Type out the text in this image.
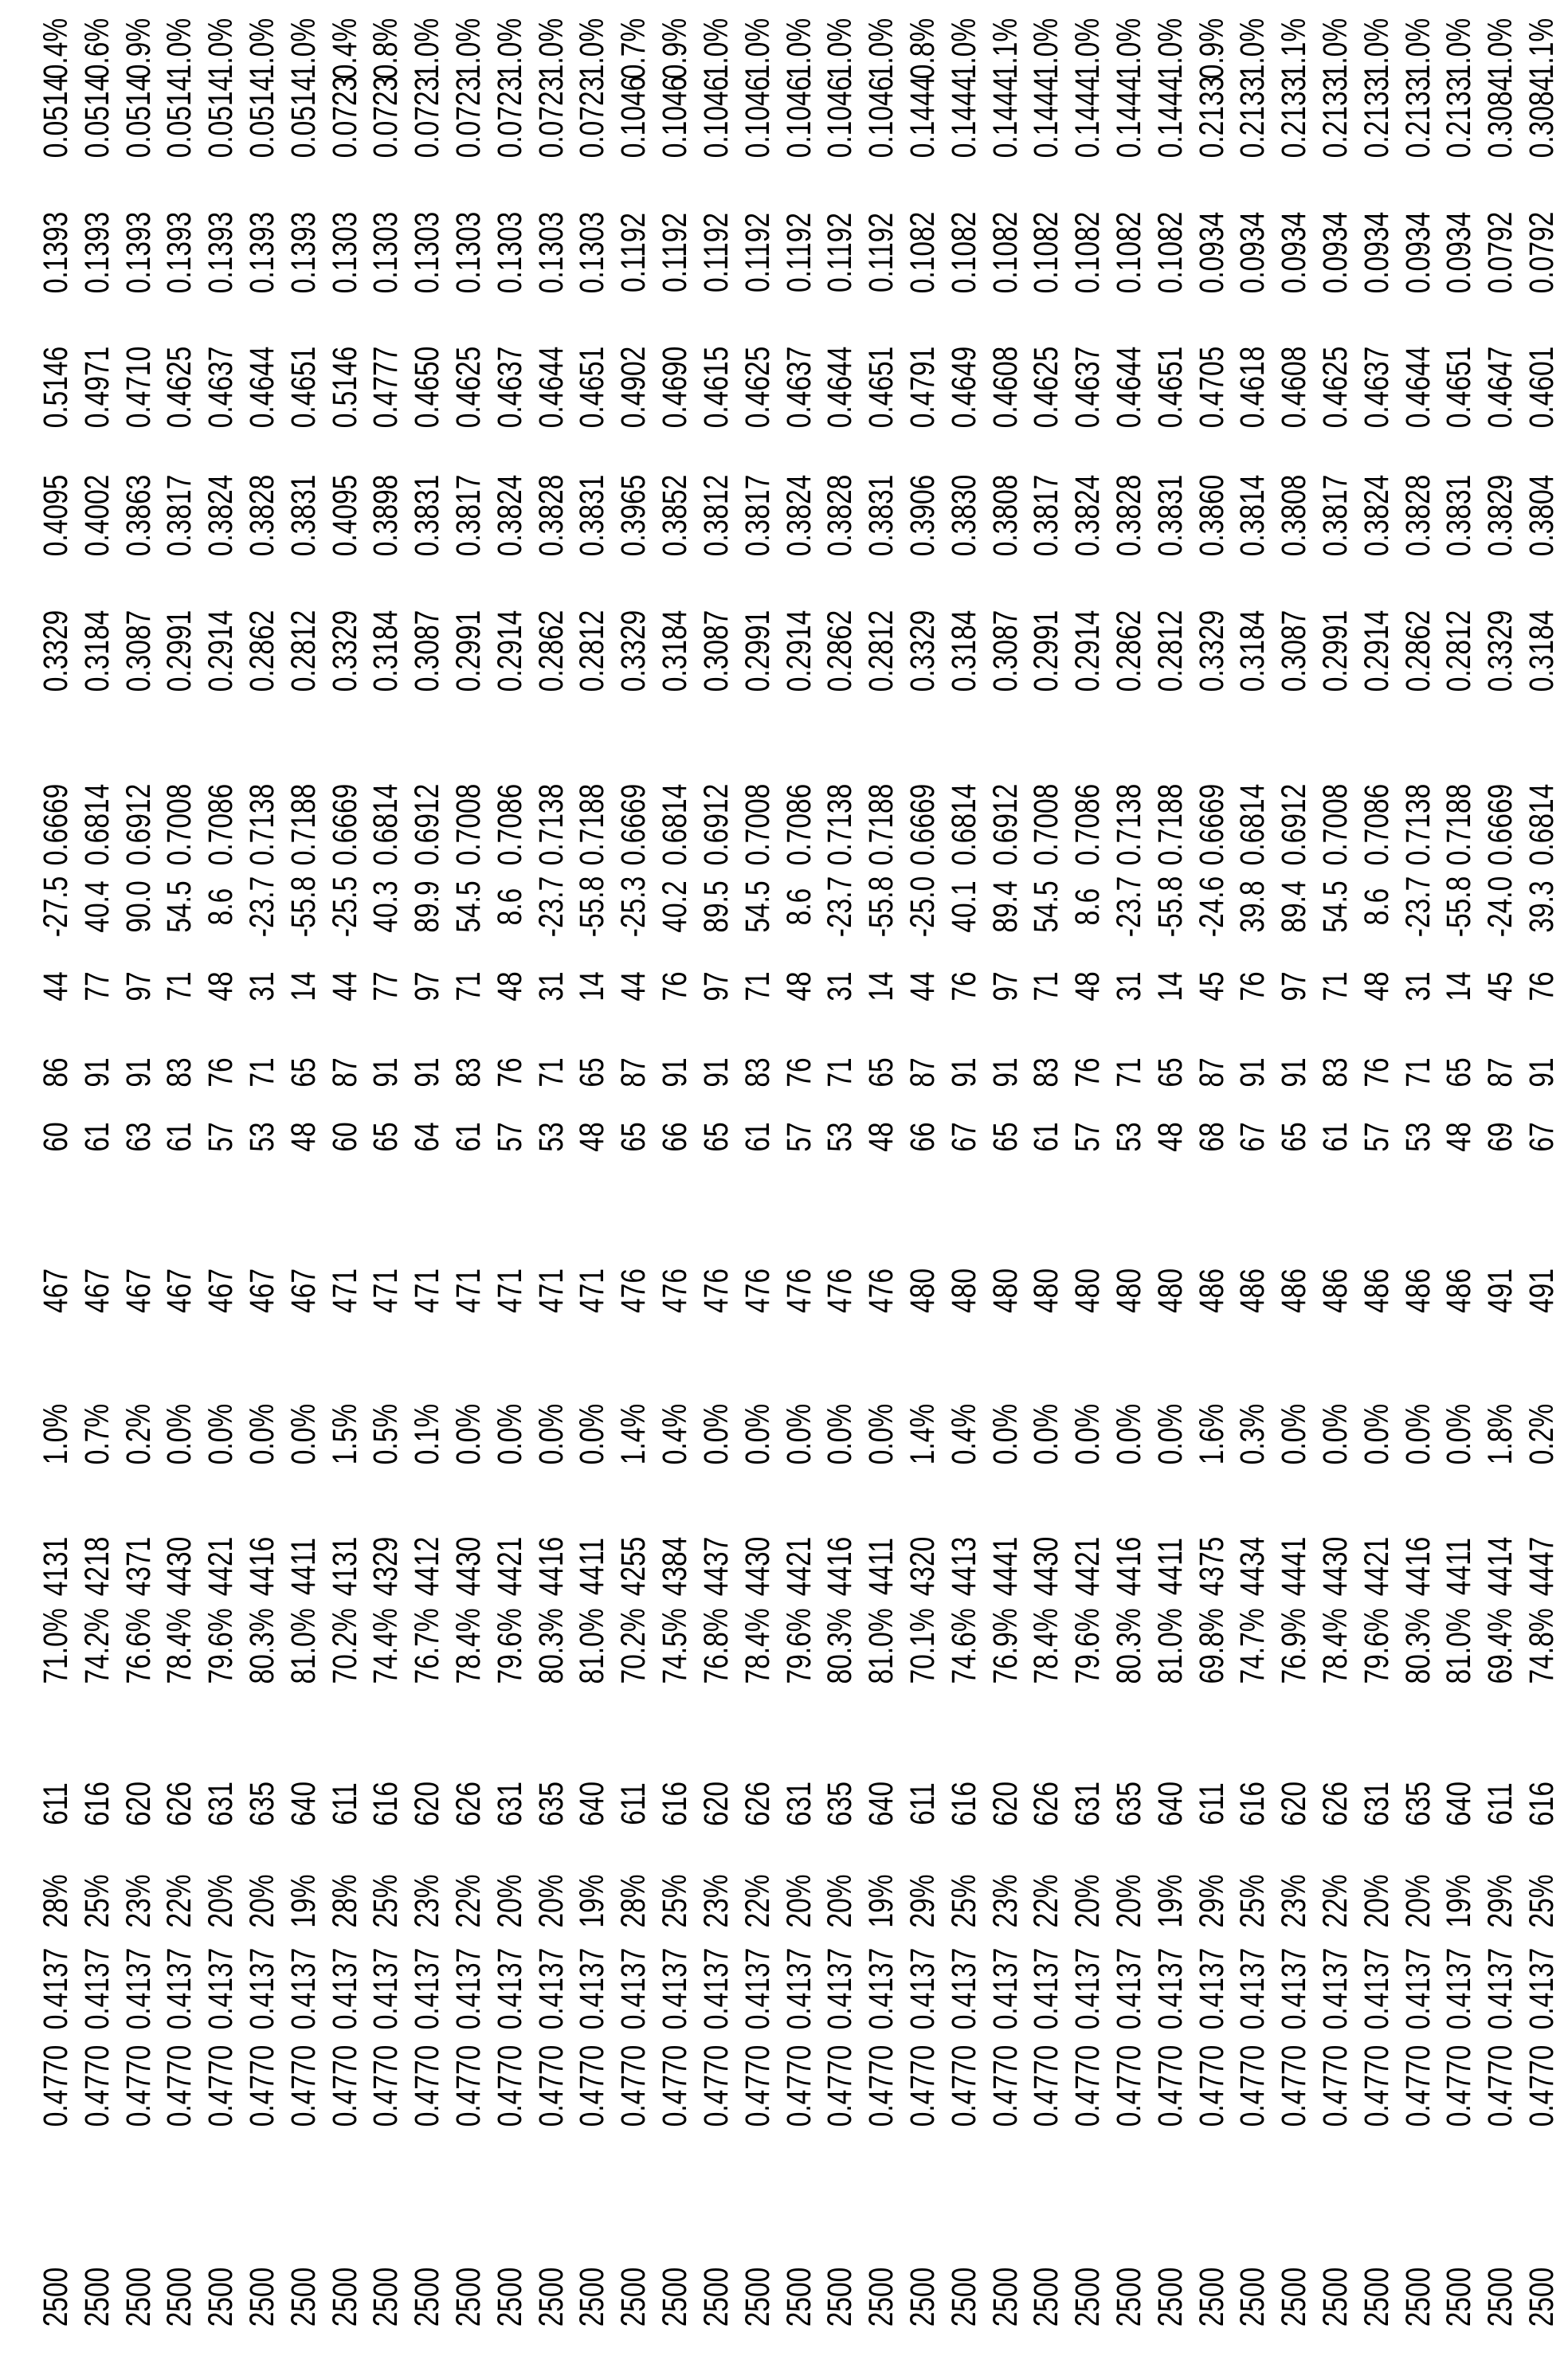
2500
0.4770
0.4137
28%
611
71.0%
4131
1.0%
467
60
86
44
-27.5
0.6669
0.3329
0.4095
0.5146
0.1393
0.0514
0.4%
2500
0.4770
0.4137
25%
616
74.2%
4218
0.7%
467
61
91
77
40.4
0.6814
0.3184
0.4002
0.4971
0.1393
0.0514
0.6%
2500
0.4770
0.4137
23%
620
76.6%
4371
0.2%
467
63
91
97
90.0
0.6912
0.3087
0.3863
0.4710
0.1393
0.0514
0.9%
2500
0.4770
0.4137
22%
626
78.4%
4430
0.0%
467
61
83
71
54.5
0.7008
0.2991
0.3817
0.4625
0.1393
0.0514
1.0%
2500
0.4770
0.4137
20%
631
79.6%
4421
0.0%
467
57
76
48
8.6
0.7086
0.2914
0.3824
0.4637
0.1393
0.0514
1.0%
2500
0.4770
0.4137
20%
635
80.3%
4416
0.0%
467
53
71
31
-23.7
0.7138
0.2862
0.3828
0.4644
0.1393
0.0514
1.0%
2500
0.4770
0.4137
19%
640
81.0%
4411
0.0%
467
48
65
14
-55.8
0.7188
0.2812
0.3831
0.4651
0.1393
0.0514
1.0%
2500
0.4770
0.4137
28%
611
70.2%
4131
1.5%
471
60
87
44
-25.5
0.6669
0.3329
0.4095
0.5146
0.1303
0.0723
0.4%
2500
0.4770
0.4137
25%
616
74.4%
4329
0.5%
471
65
91
77
40.3
0.6814
0.3184
0.3898
0.4777
0.1303
0.0723
0.8%
2500
0.4770
0.4137
23%
620
76.7%
4412
0.1%
471
64
91
97
89.9
0.6912
0.3087
0.3831
0.4650
0.1303
0.0723
1.0%
2500
0.4770
0.4137
22%
626
78.4%
4430
0.0%
471
61
83
71
54.5
0.7008
0.2991
0.3817
0.4625
0.1303
0.0723
1.0%
2500
0.4770
0.4137
20%
631
79.6%
4421
0.0%
471
57
76
48
8.6
0.7086
0.2914
0.3824
0.4637
0.1303
0.0723
1.0%
2500
0.4770
0.4137
20%
635
80.3%
4416
0.0%
471
53
71
31
-23.7
0.7138
0.2862
0.3828
0.4644
0.1303
0.0723
1.0%
2500
0.4770
0.4137
19%
640
81.0%
4411
0.0%
471
48
65
14
-55.8
0.7188
0.2812
0.3831
0.4651
0.1303
0.0723
1.0%
2500
0.4770
0.4137
28%
611
70.2%
4255
1.4%
476
65
87
44
-25.3
0.6669
0.3329
0.3965
0.4902
0.1192
0.1046
0.7%
2500
0.4770
0.4137
25%
616
74.5%
4384
0.4%
476
66
91
76
40.2
0.6814
0.3184
0.3852
0.4690
0.1192
0.1046
0.9%
2500
0.4770
0.4137
23%
620
76.8%
4437
0.0%
476
65
91
97
89.5
0.6912
0.3087
0.3812
0.4615
0.1192
0.1046
1.0%
2500
0.4770
0.4137
22%
626
78.4%
4430
0.0%
476
61
83
71
54.5
0.7008
0.2991
0.3817
0.4625
0.1192
0.1046
1.0%
2500
0.4770
0.4137
20%
631
79.6%
4421
0.0%
476
57
76
48
8.6
0.7086
0.2914
0.3824
0.4637
0.1192
0.1046
1.0%
2500
0.4770
0.4137
20%
635
80.3%
4416
0.0%
476
53
71
31
-23.7
0.7138
0.2862
0.3828
0.4644
0.1192
0.1046
1.0%
2500
0.4770
0.4137
19%
640
81.0%
4411
0.0%
476
48
65
14
-55.8
0.7188
0.2812
0.3831
0.4651
0.1192
0.1046
1.0%
2500
0.4770
0.4137
29%
611
70.1%
4320
1.4%
480
66
87
44
-25.0
0.6669
0.3329
0.3906
0.4791
0.1082
0.1444
0.8%
2500
0.4770
0.4137
25%
616
74.6%
4413
0.4%
480
67
91
76
40.1
0.6814
0.3184
0.3830
0.4649
0.1082
0.1444
1.0%
2500
0.4770
0.4137
23%
620
76.9%
4441
0.0%
480
65
91
97
89.4
0.6912
0.3087
0.3808
0.4608
0.1082
0.1444
1.1%
2500
0.4770
0.4137
22%
626
78.4%
4430
0.0%
480
61
83
71
54.5
0.7008
0.2991
0.3817
0.4625
0.1082
0.1444
1.0%
2500
0.4770
0.4137
20%
631
79.6%
4421
0.0%
480
57
76
48
8.6
0.7086
0.2914
0.3824
0.4637
0.1082
0.1444
1.0%
2500
0.4770
0.4137
20%
635
80.3%
4416
0.0%
480
53
71
31
-23.7
0.7138
0.2862
0.3828
0.4644
0.1082
0.1444
1.0%
2500
0.4770
0.4137
19%
640
81.0%
4411
0.0%
480
48
65
14
-55.8
0.7188
0.2812
0.3831
0.4651
0.1082
0.1444
1.0%
2500
0.4770
0.4137
29%
611
69.8%
4375
1.6%
486
68
87
45
-24.6
0.6669
0.3329
0.3860
0.4705
0.0934
0.2133
0.9%
2500
0.4770
0.4137
25%
616
74.7%
4434
0.3%
486
67
91
76
39.8
0.6814
0.3184
0.3814
0.4618
0.0934
0.2133
1.0%
2500
0.4770
0.4137
23%
620
76.9%
4441
0.0%
486
65
91
97
89.4
0.6912
0.3087
0.3808
0.4608
0.0934
0.2133
1.1%
2500
0.4770
0.4137
22%
626
78.4%
4430
0.0%
486
61
83
71
54.5
0.7008
0.2991
0.3817
0.4625
0.0934
0.2133
1.0%
2500
0.4770
0.4137
20%
631
79.6%
4421
0.0%
486
57
76
48
8.6
0.7086
0.2914
0.3824
0.4637
0.0934
0.2133
1.0%
2500
0.4770
0.4137
20%
635
80.3%
4416
0.0%
486
53
71
31
-23.7
0.7138
0.2862
0.3828
0.4644
0.0934
0.2133
1.0%
2500
0.4770
0.4137
19%
640
81.0%
4411
0.0%
486
48
65
14
-55.8
0.7188
0.2812
0.3831
0.4651
0.0934
0.2133
1.0%
2500
0.4770
0.4137
29%
611
69.4%
4414
1.8%
491
69
87
45
-24.0
0.6669
0.3329
0.3829
0.4647
0.0792
0.3084
1.0%
2500
0.4770
0.4137
25%
616
74.8%
4447
0.2%
491
67
91
76
39.3
0.6814
0.3184
0.3804
0.4601
0.0792
0.3084
1.1%
